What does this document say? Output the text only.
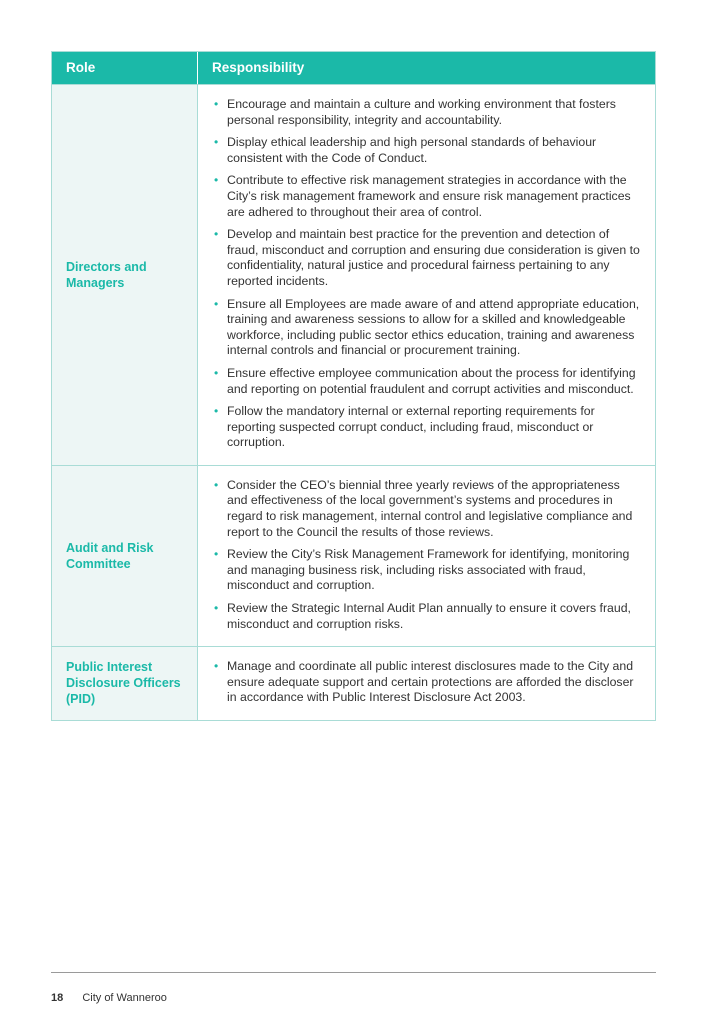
Role	Responsibility
Directors and Managers
• Encourage and maintain a culture and working environment that fosters personal responsibility, integrity and accountability.
• Display ethical leadership and high personal standards of behaviour consistent with the Code of Conduct.
• Contribute to effective risk management strategies in accordance with the City’s risk management framework and ensure risk management practices are adhered to throughout their area of control.
• Develop and maintain best practice for the prevention and detection of fraud, misconduct and corruption and ensuring due consideration is given to confidentiality, natural justice and procedural fairness pertaining to any reported incidents.
• Ensure all Employees are made aware of and attend appropriate education, training and awareness sessions to allow for a skilled and knowledgeable workforce, including public sector ethics education, training and awareness internal controls and financial or procurement training.
• Ensure effective employee communication about the process for identifying and reporting on potential fraudulent and corrupt activities and misconduct.
• Follow the mandatory internal or external reporting requirements for reporting suspected corrupt conduct, including fraud, misconduct or corruption.
Audit and Risk Committee
• Consider the CEO’s biennial three yearly reviews of the appropriateness and effectiveness of the local government’s systems and procedures in regard to risk management, internal control and legislative compliance and report to the Council the results of those reviews.
• Review the City’s Risk Management Framework for identifying, monitoring and managing business risk, including risks associated with fraud, misconduct and corruption.
• Review the Strategic Internal Audit Plan annually to ensure it covers fraud, misconduct and corruption risks.
Public Interest Disclosure Officers (PID)
• Manage and coordinate all public interest disclosures made to the City and ensure adequate support and certain protections are afforded the discloser in accordance with Public Interest Disclosure Act 2003.
18 City of Wanneroo
